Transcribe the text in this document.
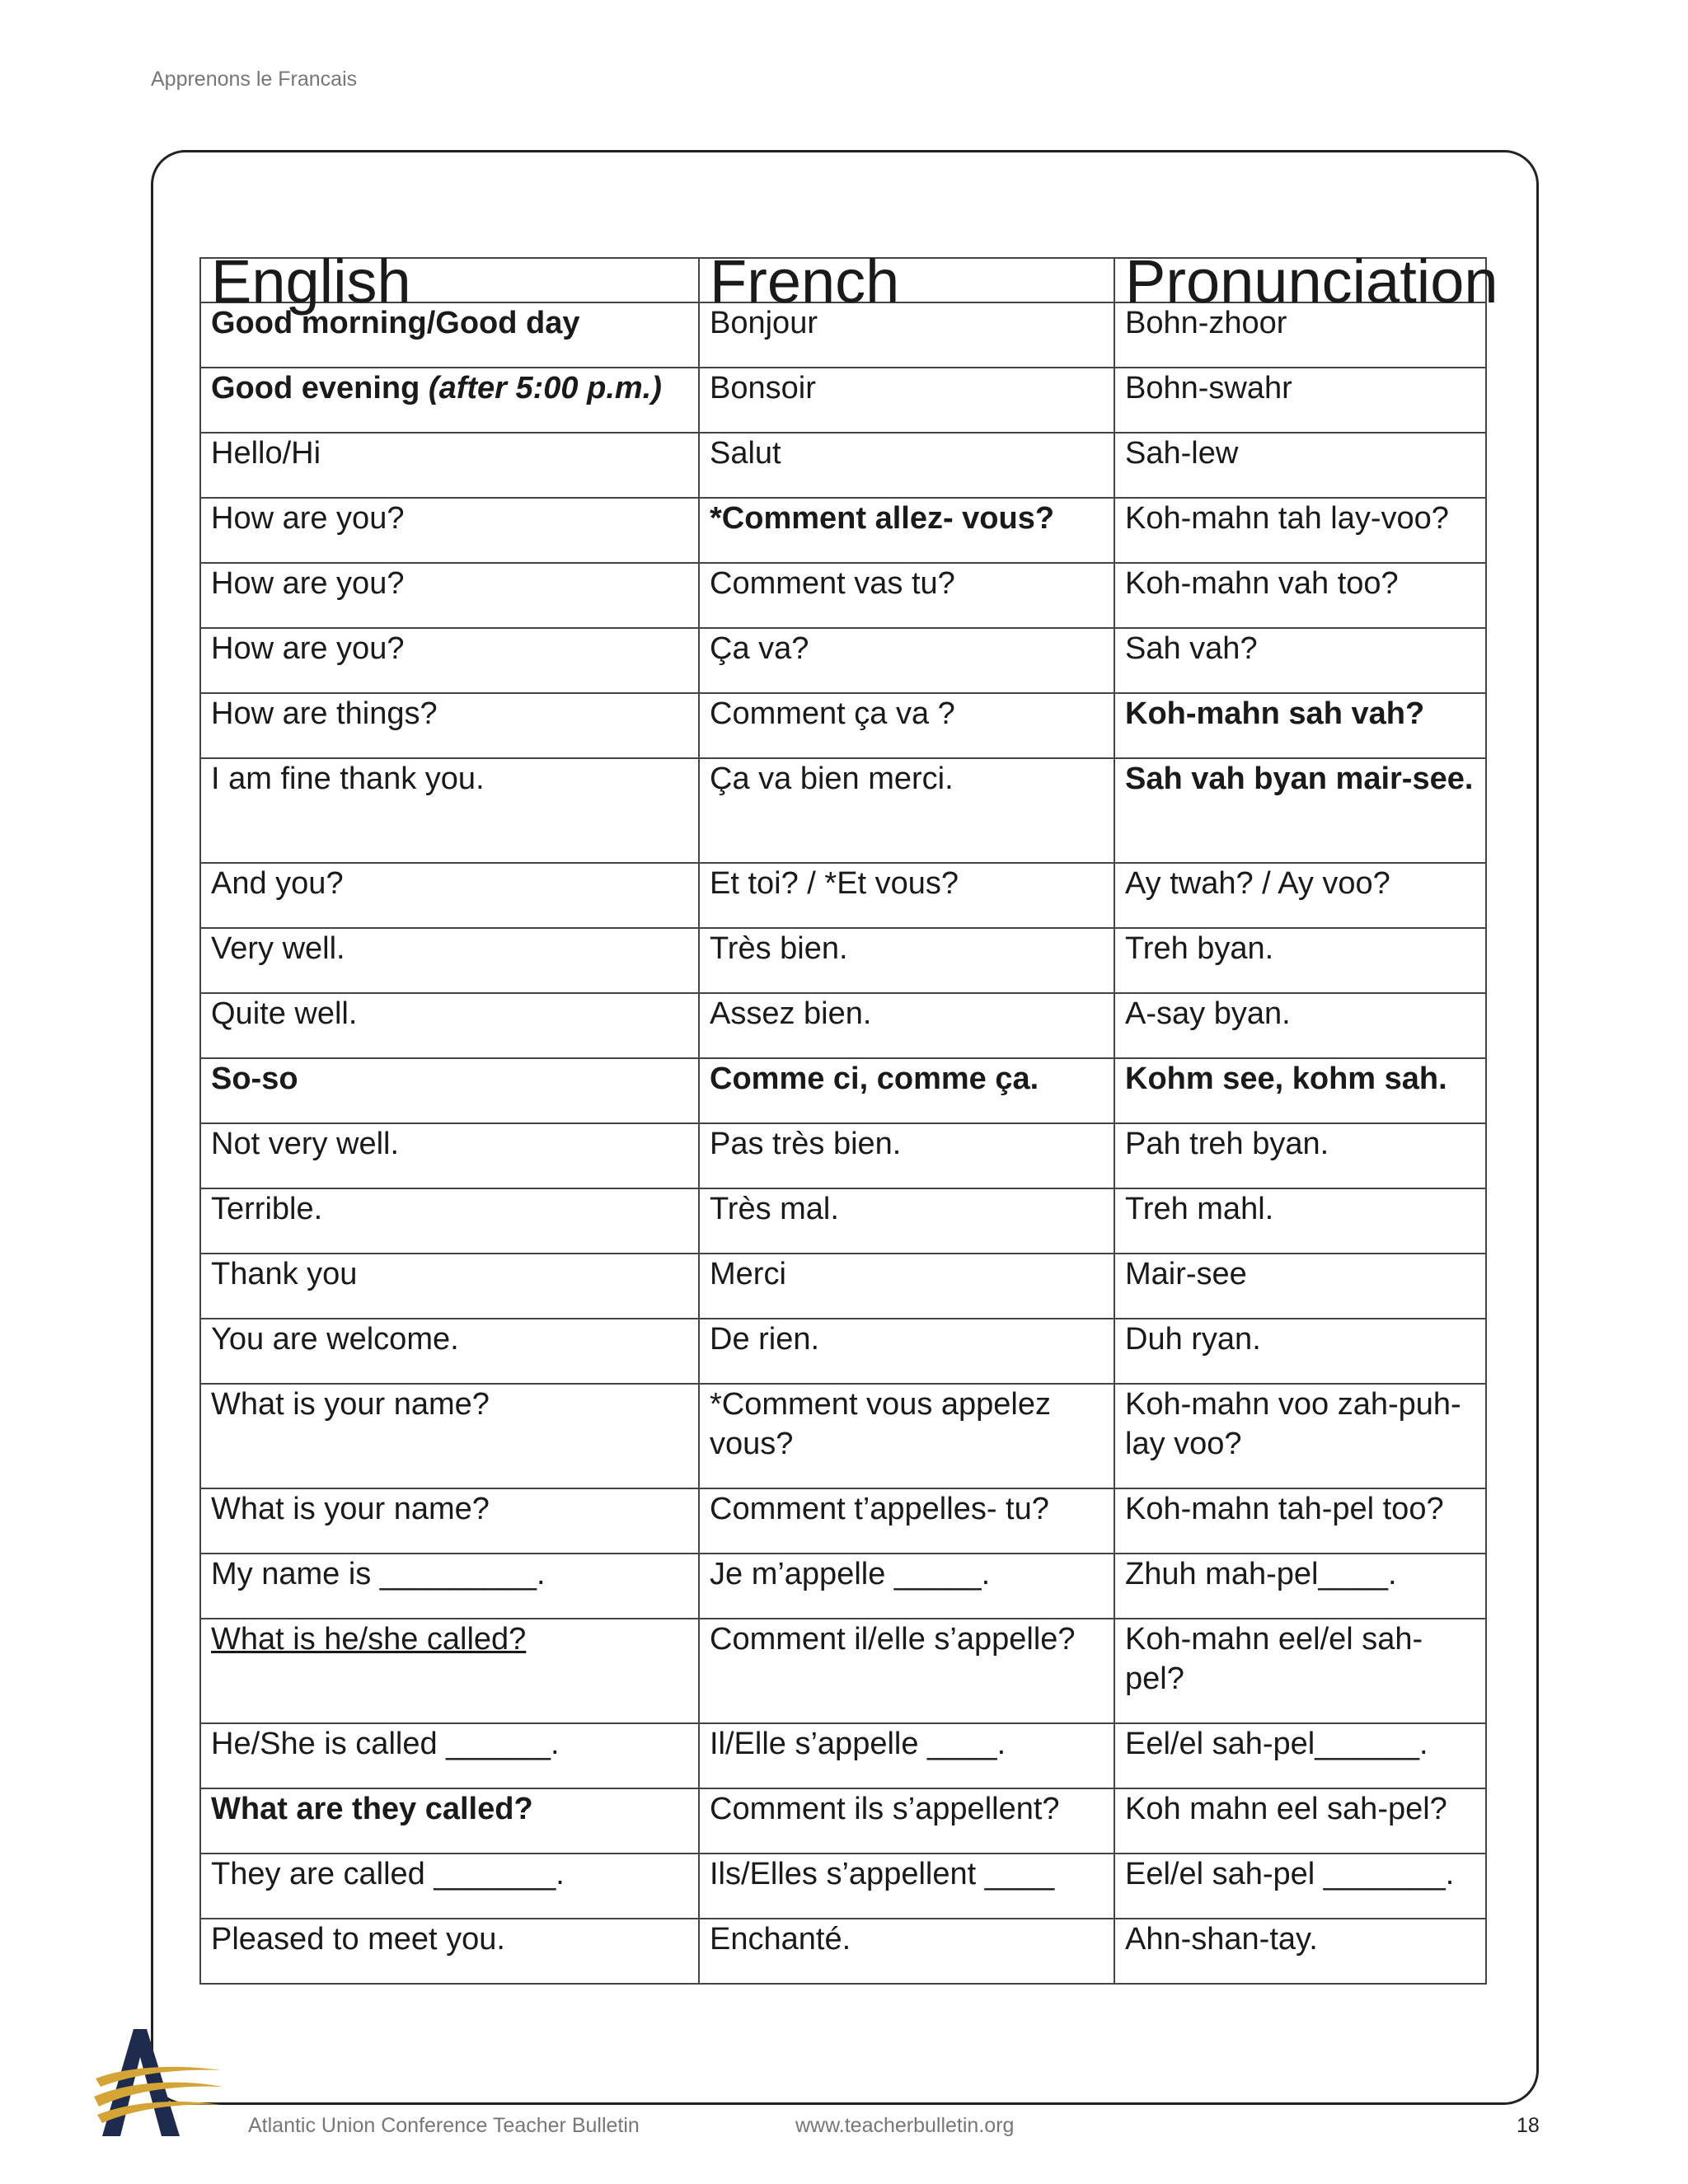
Apprenons le Francais
English	French	Pronunciation
Good morning/Good day	Bonjour	Bohn-zhoor
Good evening (after 5:00 p.m.)	Bonsoir	Bohn-swahr
Hello/Hi	Salut	Sah-lew
How are you?	*Comment allez- vous?	Koh-mahn tah lay-voo?
How are you?	Comment vas tu?	Koh-mahn vah too?
How are you?	Ça va?	Sah vah?
How are things?	Comment ça va ?	Koh-mahn sah vah?
I am fine thank you.	Ça va bien merci.	Sah vah byan mair-see.
And you?	Et toi? / *Et vous?	Ay twah? / Ay voo?
Very well.	Très bien.	Treh byan.
Quite well.	Assez bien.	A-say byan.
So-so	Comme ci, comme ça.	Kohm see, kohm sah.
Not very well.	Pas très bien.	Pah treh byan.
Terrible.	Très mal.	Treh mahl.
Thank you	Merci	Mair-see
You are welcome.	De rien.	Duh ryan.
What is your name?	*Comment vous appelez vous?	Koh-mahn voo zah-puh-lay voo?
What is your name?	Comment t’appelles- tu?	Koh-mahn tah-pel too?
My name is _________.	Je m’appelle _____.	Zhuh mah-pel____.
What is he/she called?	Comment il/elle s’appelle?	Koh-mahn eel/el sah-pel?
He/She is called ______.	Il/Elle s’appelle ____.	Eel/el sah-pel______.
What are they called?	Comment ils s’appellent?	Koh mahn eel sah-pel?
They are called _______.	Ils/Elles s’appellent ____	Eel/el sah-pel _______.
Pleased to meet you.	Enchanté.	Ahn-shan-tay.
Atlantic Union Conference Teacher Bulletin	www.teacherbulletin.org	18
